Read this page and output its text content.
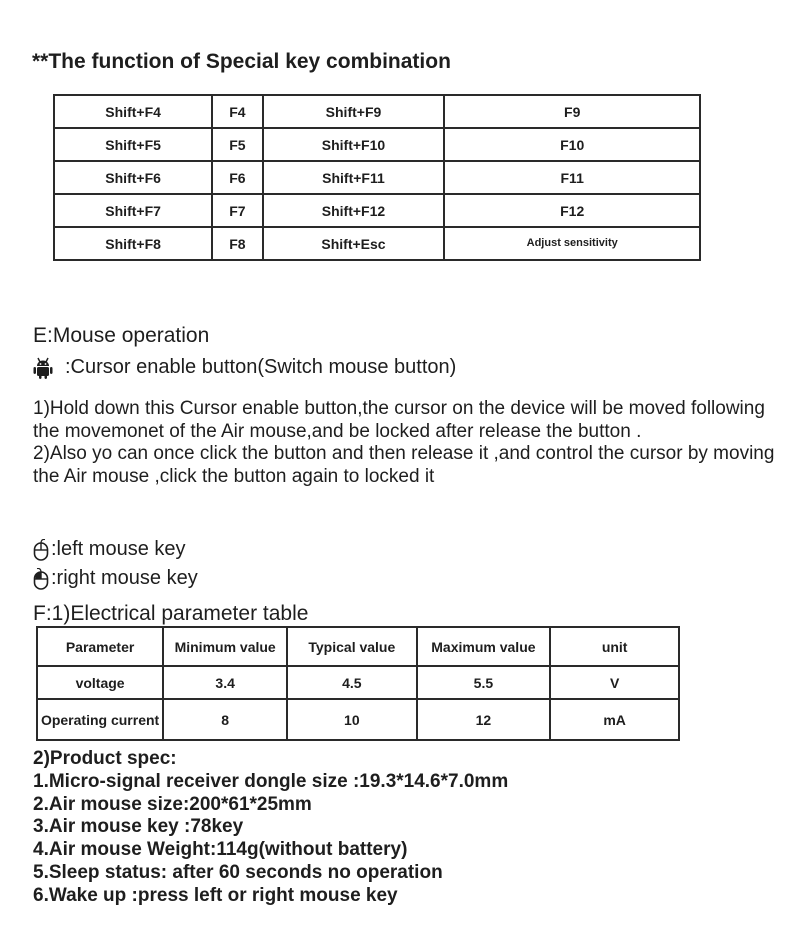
**The function of Special key combination
Shift+F4	F4	Shift+F9	F9
Shift+F5	F5	Shift+F10	F10
Shift+F6	F6	Shift+F11	F11
Shift+F7	F7	Shift+F12	F12
Shift+F8	F8	Shift+Esc	Adjust sensitivity
E:Mouse operation
:Cursor enable button(Switch mouse button)

1)Hold down this Cursor enable button,the cursor on the device will be moved following the movemonet of the Air mouse,and be locked after release the button .

2)Also yo can once click the button and then release it ,and control the cursor by moving the Air mouse ,click the button again to locked it

:left mouse key
:right mouse key
F:1)Electrical parameter table
Parameter	Minimum value	Typical value	Maximum value	unit
voltage	3.4	4.5	5.5	V
Operating current	8	10	12	mA
2)Product spec:
1.Micro-signal receiver dongle size :19.3*14.6*7.0mm
2.Air mouse size:200*61*25mm
3.Air mouse key :78key
4.Air mouse Weight:114g(without battery)
5.Sleep status: after 60 seconds no operation
6.Wake up :press left or right mouse key
